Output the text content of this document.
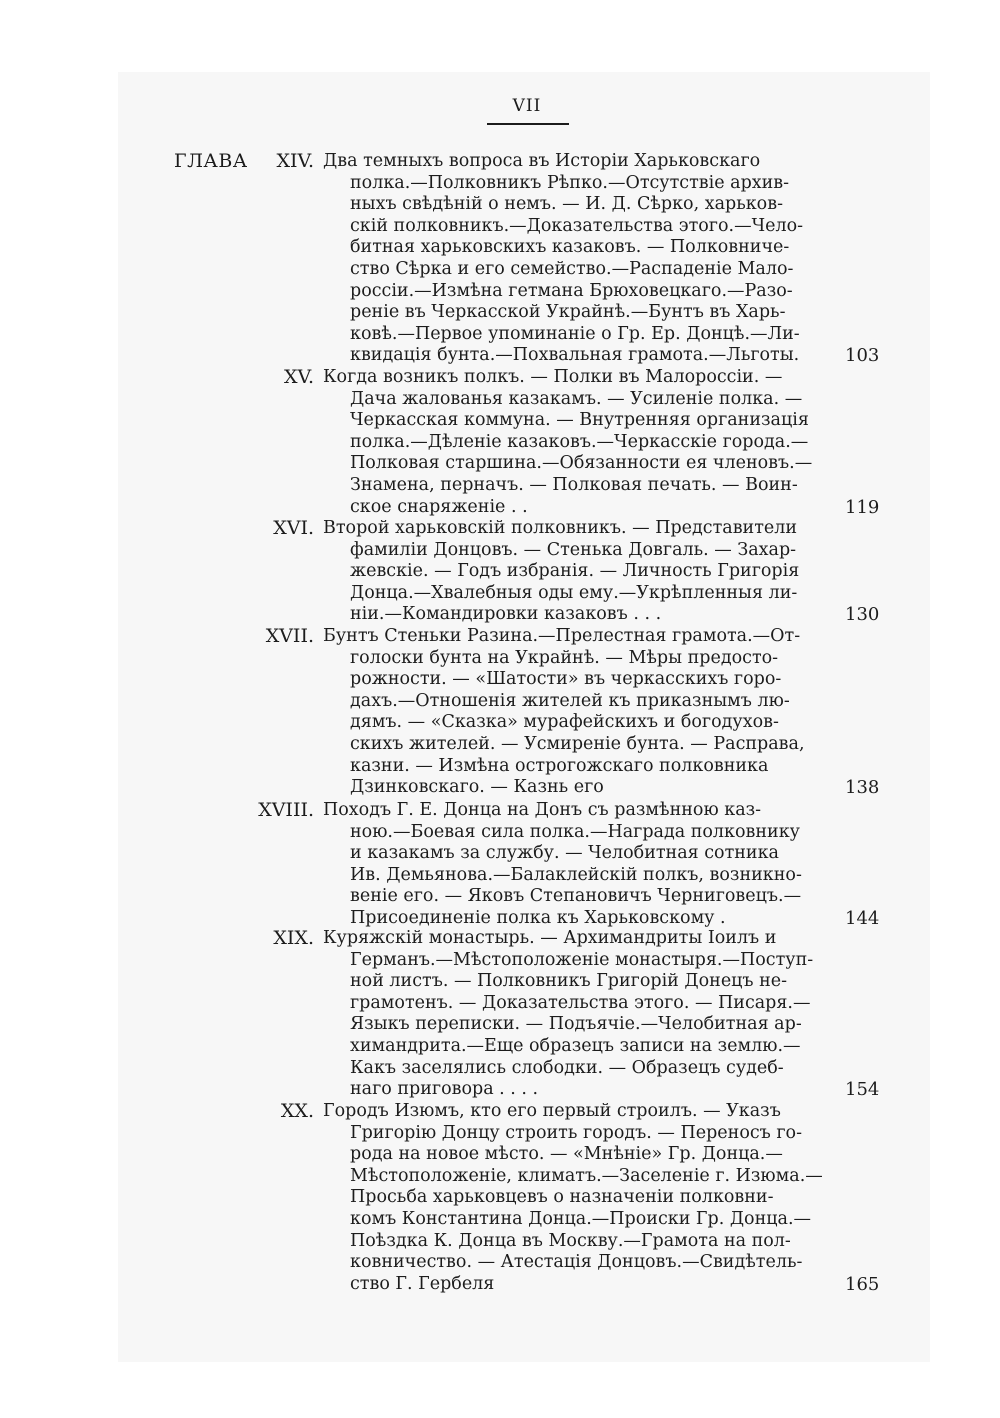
VII
ГЛАВА XIV. Два темныхъ вопроса въ Исторіи Харьковскаго
полка.—Полковникъ Рѣпко.—Отсутствіе архив-
ныхъ свѣдѣній о немъ. — И. Д. Сѣрко, харьков-
скій полковникъ.—Доказательства этого.—Чело-
битная харьковскихъ казаковъ. — Полковниче-
ство Сѣрка и его семейство.—Распаденіе Мало-
россіи.—Измѣна гетмана Брюховецкаго.—Разо-
реніе въ Черкасской Украйнѣ.—Бунтъ въ Харь-
ковѣ.—Первое упоминаніе о Гр. Ер. Донцѣ.—Ли-
квидація бунта.—Похвальная грамота.—Льготы.	103
XV. Когда возникъ полкъ. — Полки въ Малороссіи. —
Дача жалованья казакамъ. — Усиленіе полка. —
Черкасская коммуна. — Внутренняя организація
полка.—Дѣленіе казаковъ.—Черкасскіе города.—
Полковая старшина.—Обязанности ея членовъ.—
Знамена, перначъ. — Полковая печать. — Воин-
ское снаряженіе . .	119
XVI. Второй харьковскій полковникъ. — Представители
фамиліи Донцовъ. — Стенька Довгаль. — Захар-
жевскіе. — Годъ избранія. — Личность Григорія
Донца.—Хвалебныя оды ему.—Укрѣпленныя ли-
ніи.—Командировки казаковъ . . .	130
XVII. Бунтъ Стеньки Разина.—Прелестная грамота.—От-
голоски бунта на Украйнѣ. — Мѣры предосто-
рожности. — «Шатости» въ черкасскихъ горо-
дахъ.—Отношенія жителей къ приказнымъ лю-
дямъ. — «Сказка» мурафейскихъ и богодухов-
скихъ жителей. — Усмиреніе бунта. — Расправа,
казни. — Измѣна острогожскаго полковника
Дзинковскаго. — Казнь его	138
XVIII. Походъ Г. Е. Донца на Донъ съ размѣнною каз-
ною.—Боевая сила полка.—Награда полковнику
и казакамъ за службу. — Челобитная сотника
Ив. Демьянова.—Балаклейскій полкъ, возникно-
веніе его. — Яковъ Степановичъ Черниговецъ.—
Присоединеніе полка къ Харьковскому .	144
XIX. Куряжскій монастырь. — Архимандриты Іоилъ и
Германъ.—Мѣстоположеніе монастыря.—Поступ-
ной листъ. — Полковникъ Григорій Донецъ не-
грамотенъ. — Доказательства этого. — Писаря.—
Языкъ переписки. — Подъячіе.—Челобитная ар-
химандрита.—Еще образецъ записи на землю.—
Какъ заселялись слободки. — Образецъ судеб-
наго приговора . . . .	154
XX. Городъ Изюмъ, кто его первый строилъ. — Указъ
Григорію Донцу строить городъ. — Переносъ го-
рода на новое мѣсто. — «Мнѣніе» Гр. Донца.—
Мѣстоположеніе, климатъ.—Заселеніе г. Изюма.—
Просьба харьковцевъ о назначеніи полковни-
комъ Константина Донца.—Происки Гр. Донца.—
Поѣздка К. Донца въ Москву.—Грамота на пол-
ковничество. — Атестація Донцовъ.—Свидѣтель-
ство Г. Гербеля	165
